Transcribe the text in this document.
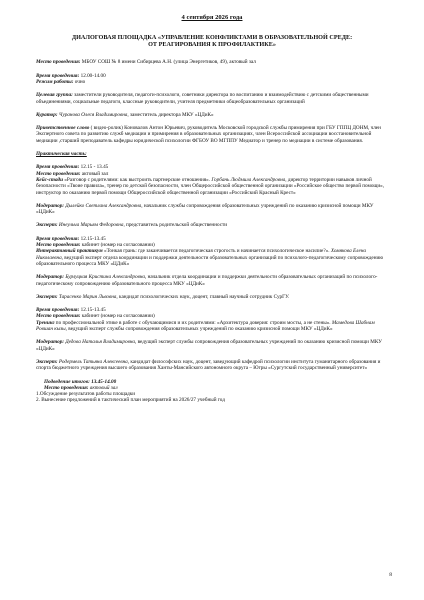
4 сентября 2026 года
ДИАЛОГОВАЯ ПЛОЩАДКА «УПРАВЛЕНИЕ КОНФЛИКТАМИ В ОБРАЗОВАТЕЛЬНОЙ СРЕДЕ:
ОТ РЕАГИРОВАНИЯ К ПРОФИЛАКТИКЕ»

Место проведения: МБОУ СОШ № 8 имени Сибирцева А.Н. (улица Энергетиков, 49), актовый зал

Время проведения: 12.00-14.00

Режим работы: очно

Целевая группа: заместители руководителя, педагоги-психологи, советники директора по воспитанию и взаимодействию с детскими общественными объединениями, социальные педагоги, классные руководители, учителя предметники общеобразовательных организаций

Куратор: Чуранова Олеся Владимировна, заместитель директора МКУ «ЦДиК»

Приветственное слово ( видео-ролик) Коновалов Антон Юрьевич, руководитель Московской городской службы примирения при ГБУ ГППЦ ДОНМ, член Экспертного совета по развитию служб медиации и примирения в образовательных организациях, член Всероссийской ассоциации восстановительной медиации ,старший преподаватель кафедры юридической психологии ФГБОУ ВО МГППУ Медиатор и тренер по медиации в системе образования.

Практическая часть:

Время проведения: 12.15 - 13.45

Место проведения: актовый зал

Кейс-стади «Разговор с родителями: как выстроить партнерские отношения». Горбань Людмила Александровна, директор территории навыков личной безопасности «Твоие правила», тренер по детской безопасности, член Общероссийской общественной организации «Российское общество первой помощи», инструктор по оказанию первой помощи Общероссийской общественной организации «Российский Красный Крест»

Модератор: Дылейко Светлана Александровна, начальник службы сопровождения образовательных учреждений по оказанию кризисной помощи МКУ «ЦДиК»

Эксперт: Инеульча Марьям Федоровна, представитель родительской общественности

Время проведения: 12.15-13.45

Место проведения: кабинет (номер на согласовании)

Интерактивный практикум «Тонкая грань: где заканчивается педагогическая строгость и начинается психологическое насилие?». Хомякова Елена Николаевна, ведущий эксперт отдела координации и поддержки деятельности образовательных организаций по психолого-педагогическому сопровождению образовательного процесса МКУ «ЦДиК»

Модератор: Бурлуцкая Кристина Александровна, начальник отдела координации и поддержки деятельности образовательных организаций по психолого-педагогическому сопровождению образовательного процесса МКУ «ЦДиК»

Эксперт: Тарасенко Мария Львовна, кандидат психологических наук, доцент, главный научный сотрудник СурГУ.

Время проведения: 12.15-13.45

Место проведения: кабинет (номер на согласовании)

Тренинг по профессиональной этике в работе с обучающимися и их родителями: «Архитектура доверия: строим мосты, а не стены». Мамедова Шабнам Ровшан кызы, ведущий эксперт службы сопровождения образовательных учреждений по оказанию кризисной помощи МКУ «ЦДиК»

Модератор: Дедова Наталья Владимировна, ведущий эксперт службы сопровождения образовательных учреждений по оказанию кризисной помощи МКУ «ЦДиК»

Эксперт: Родермель Татьяна Алексеевна, кандидат философских наук, доцент, заведующий кафедрой психологии института гуманитарного образования и спорта бюджетного учреждения высшего образования Ханты-Мансийского автономного округа – Югры «Сургутский государственный университет»

Подведение итогов: 13.45-14.00

Место проведения: актовый зал

1.Обсуждение результатов работы площадки

2. Вынесение предложений в тактический план мероприятий на 2026/27 учебный год

8
